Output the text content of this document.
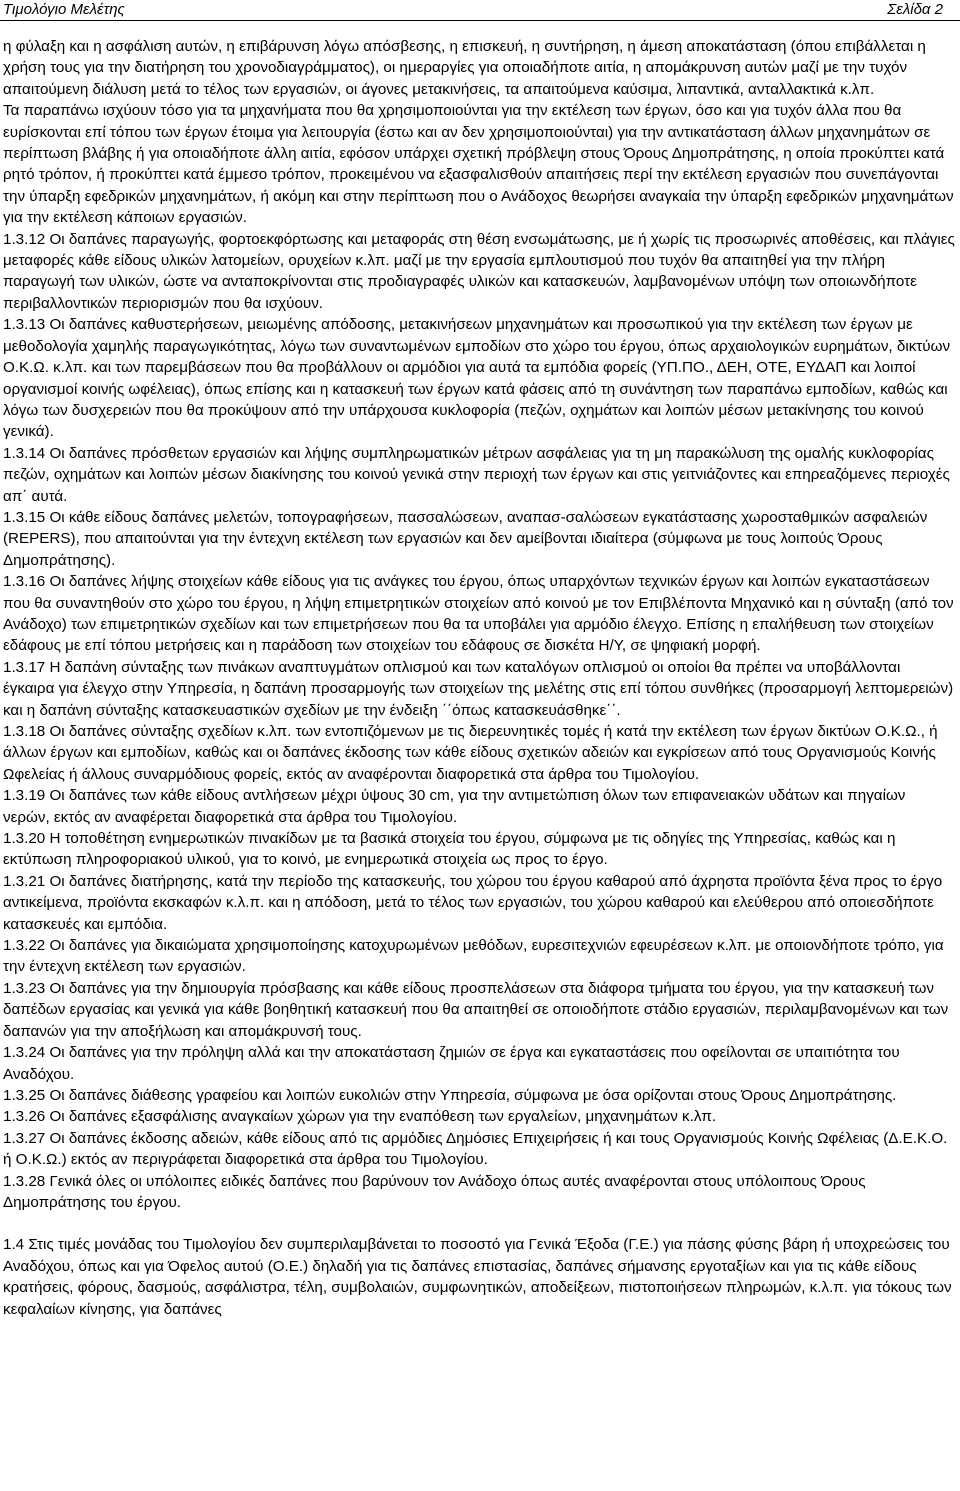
Τιμολόγιο Μελέτης	Σελίδα 2

η φύλαξη και η ασφάλιση αυτών, η επιβάρυνση λόγω απόσβεσης, η επισκευή, η συντήρηση, η άμεση αποκατάσταση (όπου επιβάλλεται η χρήση τους για την διατήρηση του χρονοδιαγράμματος), οι ημεραργίες για οποιαδήποτε αιτία, η απομάκρυνση αυτών μαζί με την τυχόν απαιτούμενη διάλυση μετά το τέλος των εργασιών, οι άγονες μετακινήσεις, τα απαιτούμενα καύσιμα, λιπαντικά, ανταλλακτικά κ.λπ.

Τα παραπάνω ισχύουν τόσο για τα μηχανήματα που θα χρησιμοποιούνται για την εκτέλεση των έργων, όσο και για τυχόν άλλα που θα ευρίσκονται επί τόπου των έργων έτοιμα για λειτουργία (έστω και αν δεν χρησιμοποιούνται) για την αντικατάσταση άλλων μηχανημάτων σε περίπτωση βλάβης ή για οποιαδήποτε άλλη αιτία, εφόσον υπάρχει σχετική πρόβλεψη στους Όρους Δημοπράτησης, η οποία προκύπτει κατά ρητό τρόπον, ή προκύπτει κατά έμμεσο τρόπον, προκειμένου να εξασφαλισθούν απαιτήσεις περί την εκτέλεση εργασιών που συνεπάγονται την ύπαρξη εφεδρικών μηχανημάτων, ή ακόμη και στην περίπτωση που ο Ανάδοχος θεωρήσει αναγκαία την ύπαρξη εφεδρικών μηχανημάτων για την εκτέλεση κάποιων εργασιών.

1.3.12 Οι δαπάνες παραγωγής, φορτοεκφόρτωσης και μεταφοράς στη θέση ενσωμάτωσης, με ή χωρίς τις προσωρινές αποθέσεις, και πλάγιες μεταφορές κάθε είδους υλικών λατομείων, ορυχείων κ.λπ. μαζί με την εργασία εμπλουτισμού που τυχόν θα απαιτηθεί για την πλήρη παραγωγή των υλικών, ώστε να ανταποκρίνονται στις προδιαγραφές υλικών και κατασκευών, λαμβανομένων υπόψη των οποιωνδήποτε περιβαλλοντικών περιορισμών που θα ισχύουν.

1.3.13 Οι δαπάνες καθυστερήσεων, μειωμένης απόδοσης, μετακινήσεων μηχανημάτων και προσωπικού για την εκτέλεση των έργων με μεθοδολογία χαμηλής παραγωγικότητας, λόγω των συναντωμένων εμποδίων στο χώρο του έργου, όπως αρχαιολογικών ευρημάτων, δικτύων Ο.Κ.Ω. κ.λπ. και των παρεμβάσεων που θα προβάλλουν οι αρμόδιοι για αυτά τα εμπόδια φορείς (ΥΠ.ΠΟ., ΔΕΗ, ΟΤΕ, ΕΥΔΑΠ και λοιποί οργανισμοί κοινής ωφέλειας), όπως επίσης και η κατασκευή των έργων κατά φάσεις από τη συνάντηση των παραπάνω εμποδίων, καθώς και λόγω των δυσχερειών που θα προκύψουν από την υπάρχουσα κυκλοφορία (πεζών, οχημάτων και λοιπών μέσων μετακίνησης του κοινού γενικά).

1.3.14 Οι δαπάνες πρόσθετων εργασιών και λήψης συμπληρωματικών μέτρων ασφάλειας για τη μη παρακώλυση της ομαλής κυκλοφορίας πεζών, οχημάτων και λοιπών μέσων διακίνησης του κοινού γενικά στην περιοχή των έργων και στις γειτνιάζοντες και επηρεαζόμενες περιοχές απ΄ αυτά.

1.3.15 Οι κάθε είδους δαπάνες μελετών, τοπογραφήσεων, πασσαλώσεων, αναπασ-σαλώσεων εγκατάστασης χωροσταθμικών ασφαλειών (REPERS), που απαιτούνται για την έντεχνη εκτέλεση των εργασιών και δεν αμείβονται ιδιαίτερα (σύμφωνα με τους λοιπούς Όρους Δημοπράτησης).

1.3.16 Οι δαπάνες λήψης στοιχείων κάθε είδους για τις ανάγκες του έργου, όπως υπαρχόντων τεχνικών έργων και λοιπών εγκαταστάσεων που θα συναντηθούν στο χώρο του έργου, η λήψη επιμετρητικών στοιχείων από κοινού με τον Επιβλέποντα Μηχανικό και η σύνταξη (από τον Ανάδοχο) των επιμετρητικών σχεδίων και των επιμετρήσεων που θα τα υποβάλει για αρμόδιο έλεγχο. Επίσης η επαλήθευση των στοιχείων εδάφους με επί τόπου μετρήσεις και η παράδοση των στοιχείων του εδάφους σε δισκέτα Η/Υ, σε ψηφιακή μορφή.

1.3.17 Η δαπάνη σύνταξης των πινάκων αναπτυγμάτων οπλισμού και των καταλόγων οπλισμού οι οποίοι θα πρέπει να υποβάλλονται έγκαιρα για έλεγχο στην Υπηρεσία, η δαπάνη προσαρμογής των στοιχείων της μελέτης στις επί τόπου συνθήκες (προσαρμογή λεπτομερειών) και η δαπάνη σύνταξης κατασκευαστικών σχεδίων με την ένδειξη ΄΄όπως κατασκευάσθηκε΄΄.

1.3.18 Οι δαπάνες σύνταξης σχεδίων κ.λπ. των εντοπιζόμενων με τις διερευνητικές τομές ή κατά την εκτέλεση των έργων δικτύων Ο.Κ.Ω., ή άλλων έργων και εμποδίων, καθώς και οι δαπάνες έκδοσης των κάθε είδους σχετικών αδειών και εγκρίσεων από τους Οργανισμούς Κοινής Ωφελείας ή άλλους συναρμόδιους φορείς, εκτός αν αναφέρονται διαφορετικά στα άρθρα του Τιμολογίου.

1.3.19 Οι δαπάνες των κάθε είδους αντλήσεων μέχρι ύψους 30 cm, για την αντιμετώπιση όλων των επιφανειακών υδάτων και πηγαίων νερών, εκτός αν αναφέρεται διαφορετικά στα άρθρα του Τιμολογίου.

1.3.20 Η τοποθέτηση ενημερωτικών πινακίδων με τα βασικά στοιχεία του έργου, σύμφωνα με τις οδηγίες της Υπηρεσίας, καθώς και η εκτύπωση πληροφοριακού υλικού, για το κοινό, με ενημερωτικά στοιχεία ως προς το έργο.

1.3.21 Οι δαπάνες διατήρησης, κατά την περίοδο της κατασκευής, του χώρου του έργου καθαρού από άχρηστα προϊόντα ξένα προς το έργο αντικείμενα, προϊόντα εκσκαφών κ.λ.π. και η απόδοση, μετά το τέλος των εργασιών, του χώρου καθαρού και ελεύθερου από οποιεσδήποτε κατασκευές και εμπόδια.

1.3.22 Οι δαπάνες για δικαιώματα χρησιμοποίησης κατοχυρωμένων μεθόδων, ευρεσιτεχνιών εφευρέσεων κ.λπ. με οποιονδήποτε τρόπο, για την έντεχνη εκτέλεση των εργασιών.

1.3.23 Οι δαπάνες για την δημιουργία πρόσβασης και κάθε είδους προσπελάσεων στα διάφορα τμήματα του έργου, για την κατασκευή των δαπέδων εργασίας και γενικά για κάθε βοηθητική κατασκευή που θα απαιτηθεί σε οποιοδήποτε στάδιο εργασιών, περιλαμβανομένων και των δαπανών για την αποξήλωση και απομάκρυνσή τους.

1.3.24 Οι δαπάνες για την πρόληψη αλλά και την αποκατάσταση ζημιών σε έργα και εγκαταστάσεις που οφείλονται σε υπαιτιότητα του Αναδόχου.

1.3.25 Οι δαπάνες διάθεσης γραφείου και λοιπών ευκολιών στην Υπηρεσία, σύμφωνα με όσα ορίζονται στους Όρους Δημοπράτησης.

1.3.26 Οι δαπάνες εξασφάλισης αναγκαίων χώρων για την εναπόθεση των εργαλείων, μηχανημάτων κ.λπ.

1.3.27 Οι δαπάνες έκδοσης αδειών, κάθε είδους από τις αρμόδιες Δημόσιες Επιχειρήσεις ή και τους Οργανισμούς Κοινής Ωφέλειας (Δ.Ε.Κ.Ο. ή Ο.Κ.Ω.) εκτός αν περιγράφεται διαφορετικά στα άρθρα του Τιμολογίου.

1.3.28 Γενικά όλες οι υπόλοιπες ειδικές δαπάνες που βαρύνουν τον Ανάδοχο όπως αυτές αναφέρονται στους υπόλοιπους Όρους Δημοπράτησης του έργου.

1.4 Στις τιμές μονάδας του Τιμολογίου δεν συμπεριλαμβάνεται το ποσοστό για Γενικά Έξοδα (Γ.Ε.) για πάσης φύσης βάρη ή υποχρεώσεις του Αναδόχου, όπως και για Όφελος αυτού (Ο.Ε.) δηλαδή για τις δαπάνες επιστασίας, δαπάνες σήμανσης εργοταξίων και για τις κάθε είδους κρατήσεις, φόρους, δασμούς, ασφάλιστρα, τέλη, συμβολαιών, συμφωνητικών, αποδείξεων, πιστοποιήσεων πληρωμών, κ.λ.π. για τόκους των κεφαλαίων κίνησης, για δαπάνες
